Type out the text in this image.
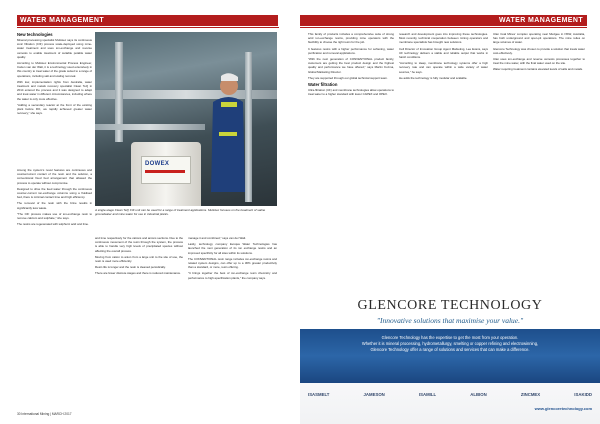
WATER MANAGEMENT
New technologies

Mineral processing specialist Multotec says its continuous ionic filtration (CIF) process scale-deployed using mine-water treatment and uses ion-exchange and reverse osmosis to enable treatment of suitable potable water quality.

According to Multotec Environmental Process Engineer, Carien van der Walt, it is a technology used extensively in this country to treat water of the grade suited to a range of operations, including salt and scaling removal.

With low, implementation rights from Australia, water treatment and metals recovery specialist Clean TeQ in 2014 entered the process and it was designed to adapt and treat water in different circumstances, including where the water is only more effective.

"Adding a secondary reactor at the front of the existing plant before RO, we rapidly achieved greater water recovery," she says.

DOWEX
A single-stage Clean TeQ CIF unit can be used for a range of treatment applications. Multotec focuses on the treatment of saline groundwater and mine water for use in industrial plants.

and time respectively for the cations and anions sections. Due to the continuous movement of the resin through the system, the process is able to handle very high levels of precipitated species without affecting the overall process.

Moving from cation to anion from a large unit to the site of use, the resin is used more efficiently.

Resin life is longer and the resin is cleaned periodically.

There are fewer discrete stages and there is reduced maintenance.

Among the system's novel features are continuous and countercurrent contact of the resin and the solution, a conventional fixed bed arrangement that allowed the process to operate without compromise.

Designed to drive the feed water through the continuous counter-current ion-exchange columns using a fluidised bed, there is minimal contact time and high efficiency.

The removal of the resin with the brine results in significantly less waste.

"The CIF process makes use of ion-exchange resin to remove calcium and sulphate," she says.

The resins are regenerated with sulphuric acid and lime.

manage it and combined," says van der Walt.

Lastly, technology company Evoqua Water Technologies has launched the next generation of its ion exchange resins and an improved specificity for all sites within its solutions.

The CONVENTIONAL resin range includes ion-exchange resins and related system designs, can offer up to a 30% greater productivity than a standard, or more, resin offering.

"It brings together the best of ion-exchange resin chemistry and performance to high-specification plants," the company says.

30 International Mining | MARCH 2017
WATER MANAGEMENT

This family of products includes a comprehensive suite of strong acid ion-exchange resins, providing mine operators with the flexibility to choose the right resin for the job.

It features resins with a higher performance for softening, water purification and removal applications.

"With the next generation of CONVENTIONAL product family, customers are getting the best product design and the highest quality and performance we have offered," says Martin Kozma, Global Marketing Director.

They are supported through our global technical support team.

Water filtration

Ultra-filtration (UF) and membrane technologies allow operations to treat water to a higher standard with lower CAPEX and OPEX.

research and development goes into improving these technologies. Most recently, technical cooperation between mining operators and membrane specialists has brought new solutions.

Cell Director of Innovation Group Agent Marketing, Lee Evans, says UF technology delivers a stable and reliable output that works in harsh conditions.

"According to Heap, membrane technology systems offer a high recovery rate and can operate within a wide variety of water sources," he says.

He adds the technology is fully modular and scalable.

Ulan Coal Mines' complex operating near Mudgee in NSW, Australia, has both underground and open-pit operations. The mine relies on large volumes of water.

Glencore Technology was chosen to provide a solution that treats water cost-effectively.

Ulan uses ion-exchange and reverse osmosis processes together to treat the mine water, with the final water used on the site.

Water requiring treatment contains elevated levels of salts and metals.

GLENCORE TECHNOLOGY
"Innovative solutions that maximise your value."
Glencore Technology has the expertise to get the most from your operation.
Whether it is mineral processing, hydrometallurgy, smelting or copper refining and electrowinning,
Glencore Technology offer a range of solutions and services that can make a difference.
ISASMELT	JAMESON	ISAMILL	ALBION	ZINCMEX	ISAKIDD
www.glencoretechnology.com
